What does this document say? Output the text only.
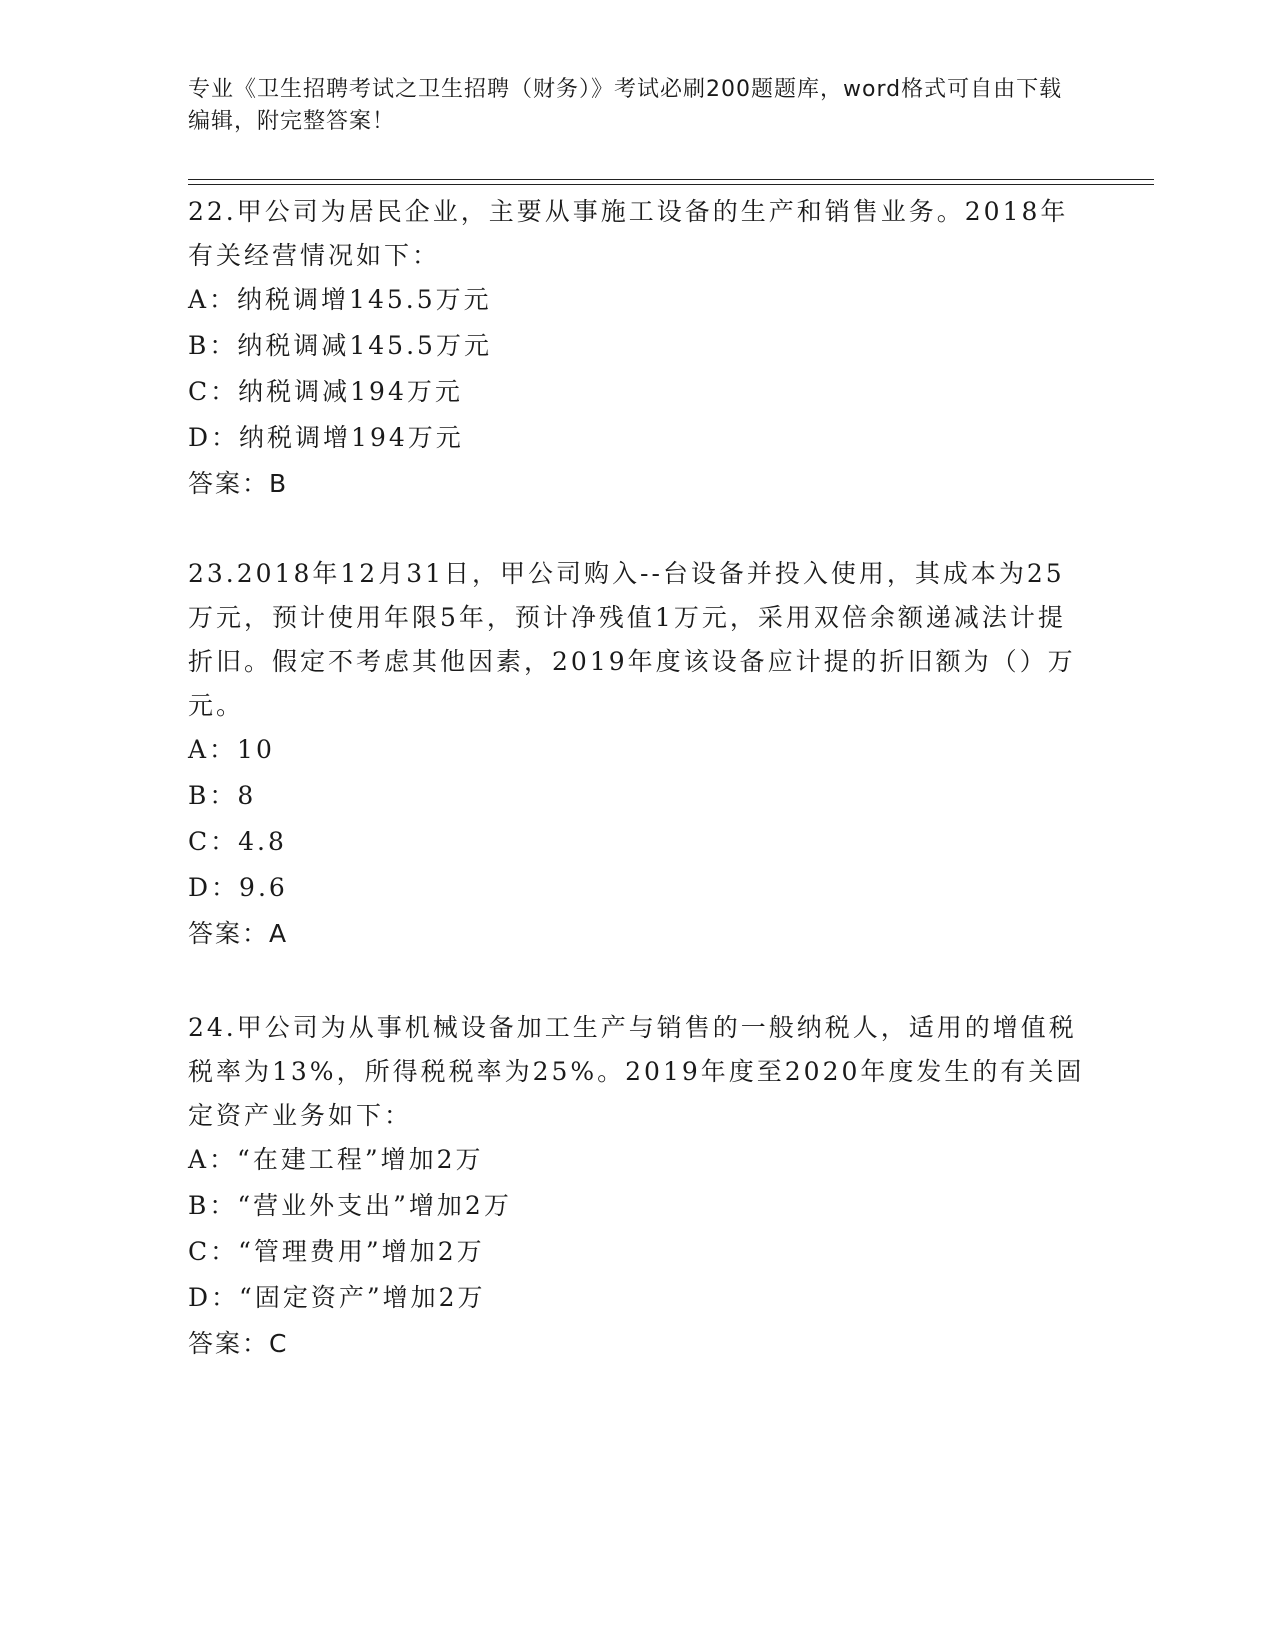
专业《卫生招聘考试之卫生招聘（财务）》考试必刷200题题库，word格式可自由下载编辑，附完整答案！
22.甲公司为居民企业，主要从事施工设备的生产和销售业务。2018年有关经营情况如下：
A：纳税调增145.5万元
B：纳税调减145.5万元
C：纳税调减194万元
D：纳税调增194万元
答案：B
23.2018年12月31日，甲公司购入--台设备并投入使用，其成本为25万元，预计使用年限5年，预计净残值1万元，采用双倍余额递减法计提折旧。假定不考虑其他因素，2019年度该设备应计提的折旧额为（）万元。
A：10
B：8
C：4.8
D：9.6
答案：A
24.甲公司为从事机械设备加工生产与销售的一般纳税人，适用的增值税税率为13%，所得税税率为25%。2019年度至2020年度发生的有关固定资产业务如下：
A：“在建工程”增加2万
B：“营业外支出”增加2万
C：“管理费用”增加2万
D：“固定资产”增加2万
答案：C
